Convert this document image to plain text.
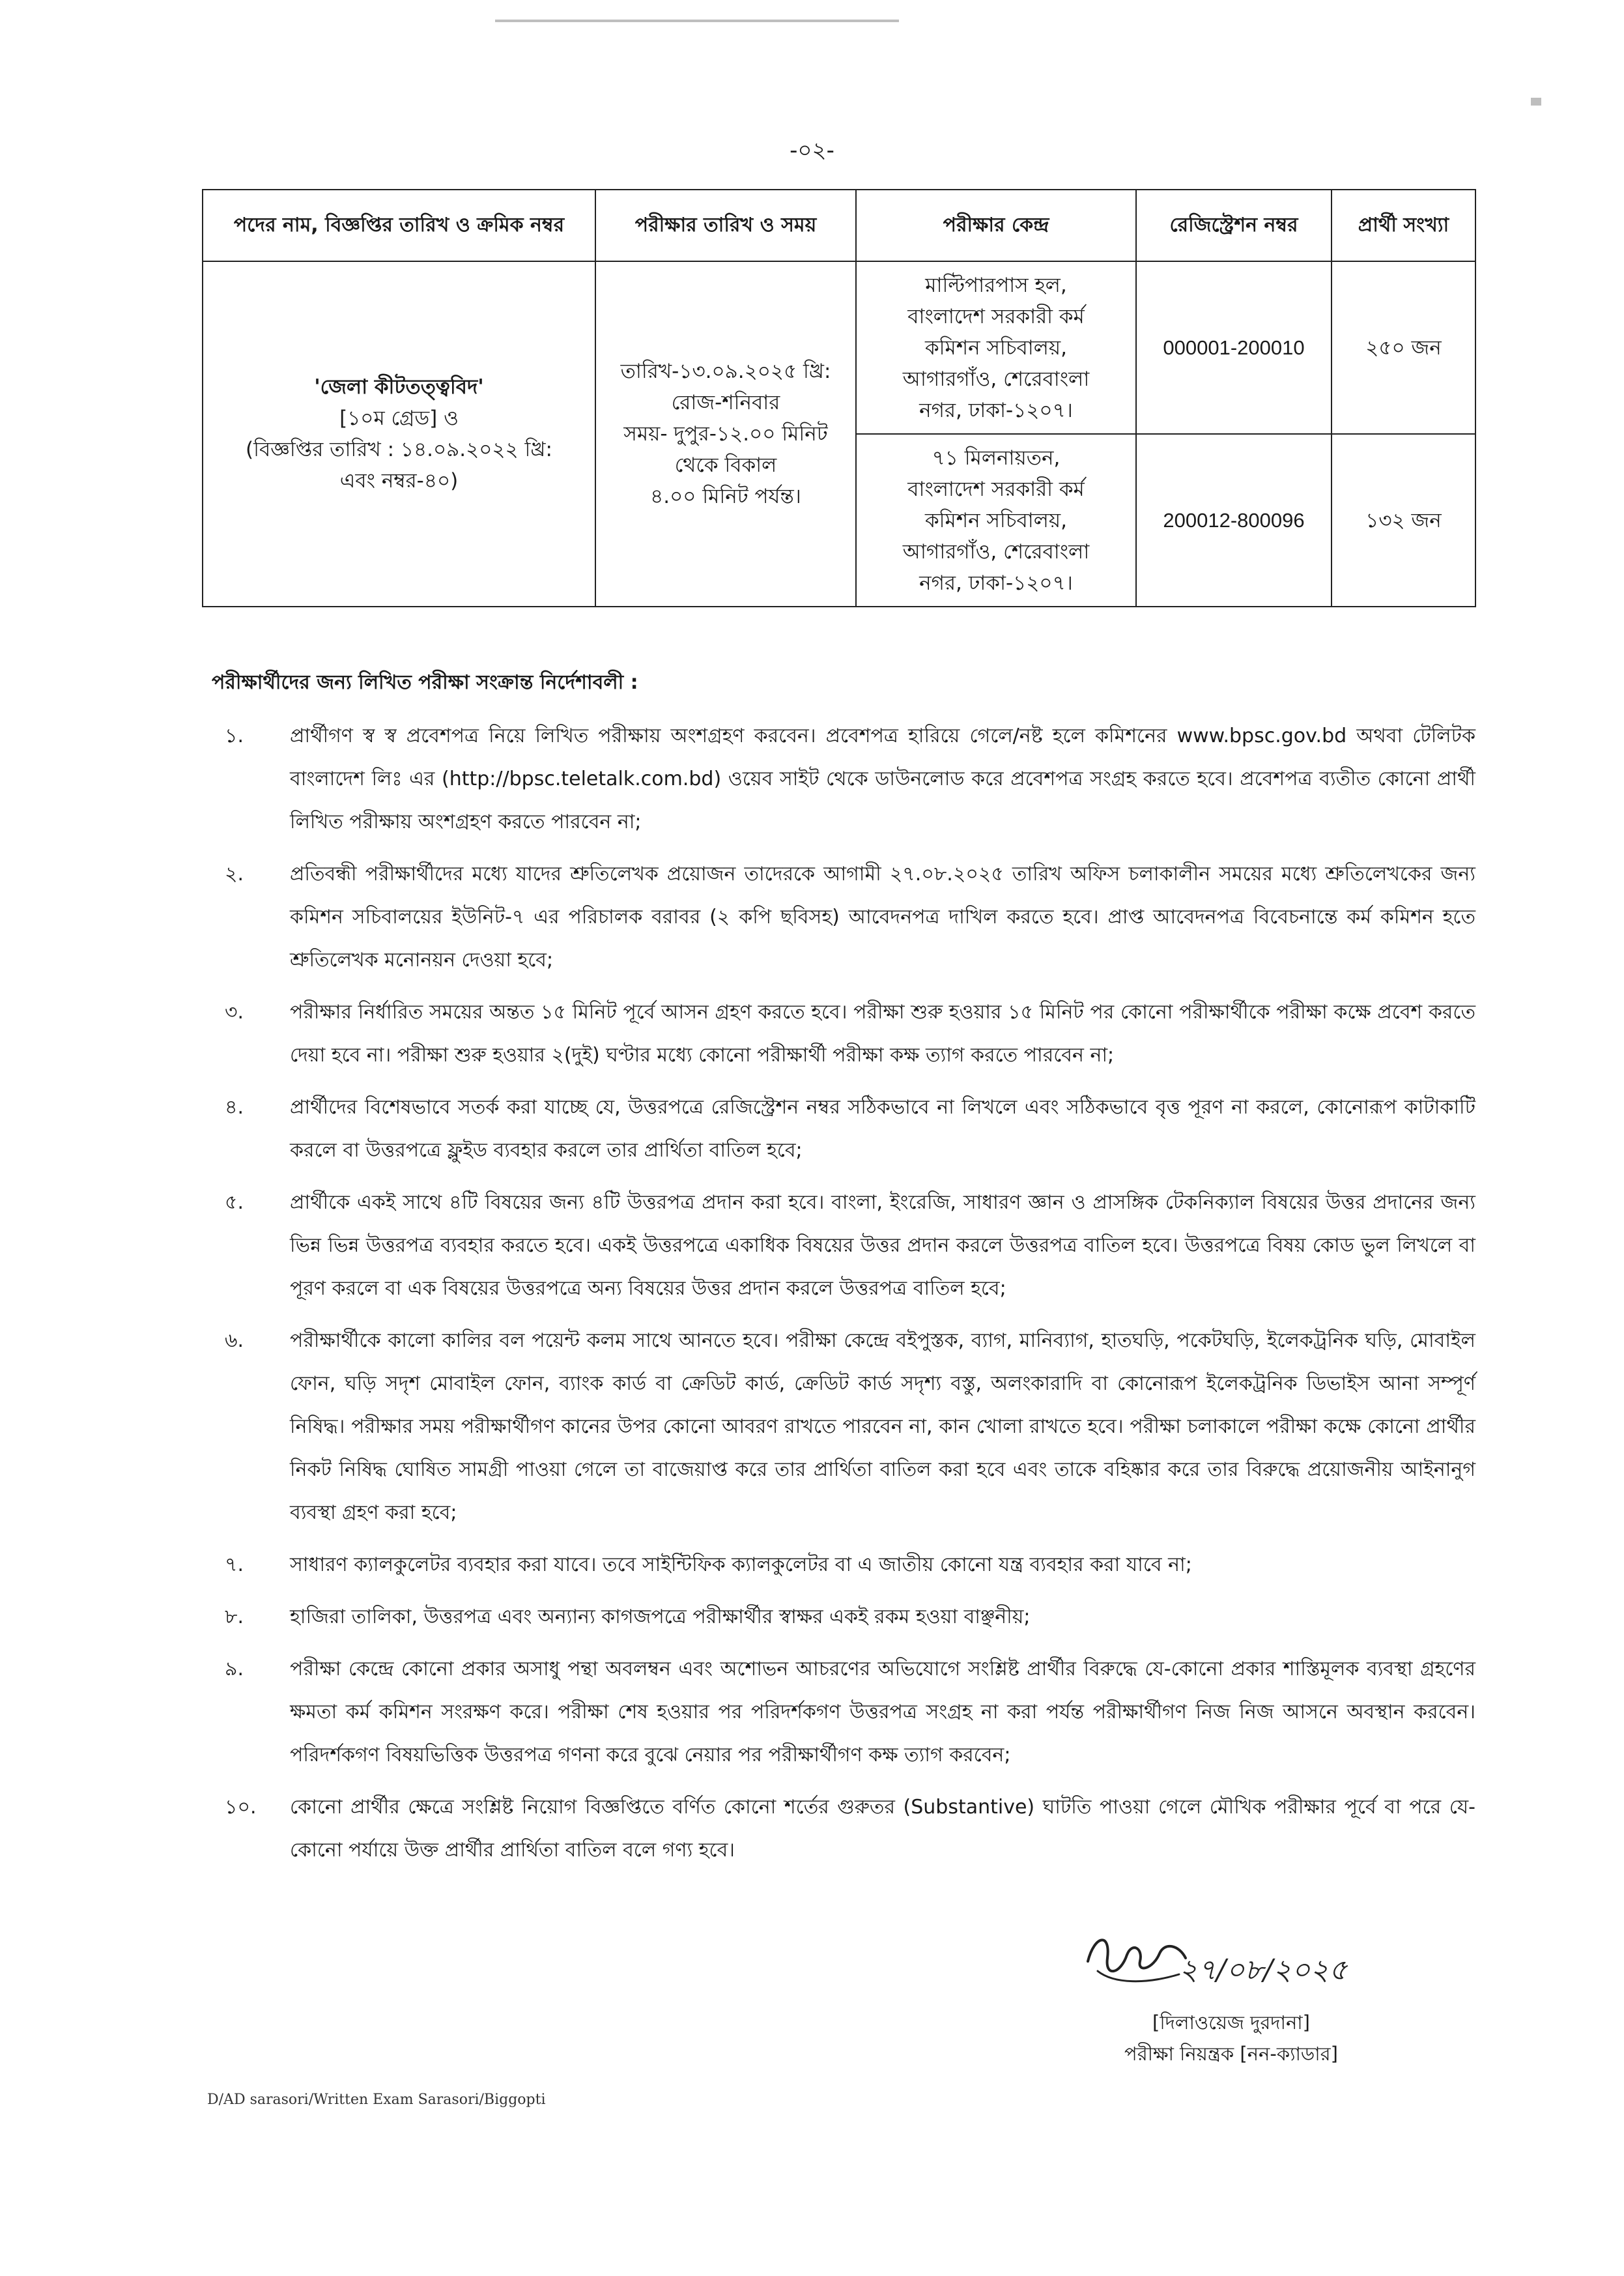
-০২-
পদের নাম, বিজ্ঞপ্তির তারিখ ও ক্রমিক নম্বর	পরীক্ষার তারিখ ও সময়	পরীক্ষার কেন্দ্র	রেজিস্ট্রেশন নম্বর	প্রার্থী সংখ্যা

'জেলা কীটতত্ত্ববিদ'
[১০ম গ্রেড] ও
(বিজ্ঞপ্তির তারিখ : ১৪.০৯.২০২২ খ্রি:
এবং নম্বর-৪০)	তারিখ-১৩.০৯.২০২৫ খ্রি:
রোজ-শনিবার
সময়- দুপুর-১২.০০ মিনিট
থেকে বিকাল
৪.০০ মিনিট পর্যন্ত।	মাল্টিপারপাস হল,
বাংলাদেশ সরকারী কর্ম
কমিশন সচিবালয়,
আগারগাঁও, শেরেবাংলা
নগর, ঢাকা-১২০৭।	000001-200010	২৫০ জন

		৭১ মিলনায়তন,
বাংলাদেশ সরকারী কর্ম
কমিশন সচিবালয়,
আগারগাঁও, শেরেবাংলা
নগর, ঢাকা-১২০৭।	200012-800096	১৩২ জন
পরীক্ষার্থীদের জন্য লিখিত পরীক্ষা সংক্রান্ত নির্দেশাবলী :
১.	প্রার্থীগণ স্ব স্ব প্রবেশপত্র নিয়ে লিখিত পরীক্ষায় অংশগ্রহণ করবেন। প্রবেশপত্র হারিয়ে গেলে/নষ্ট হলে কমিশনের www.bpsc.gov.bd অথবা টেলিটক বাংলাদেশ লিঃ এর (http://bpsc.teletalk.com.bd) ওয়েব সাইট থেকে ডাউনলোড করে প্রবেশপত্র সংগ্রহ করতে হবে। প্রবেশপত্র ব্যতীত কোনো প্রার্থী লিখিত পরীক্ষায় অংশগ্রহণ করতে পারবেন না;
২.	প্রতিবন্ধী পরীক্ষার্থীদের মধ্যে যাদের শ্রুতিলেখক প্রয়োজন তাদেরকে আগামী ২৭.০৮.২০২৫ তারিখ অফিস চলাকালীন সময়ের মধ্যে শ্রুতিলেখকের জন্য কমিশন সচিবালয়ের ইউনিট-৭ এর পরিচালক বরাবর (২ কপি ছবিসহ) আবেদনপত্র দাখিল করতে হবে। প্রাপ্ত আবেদনপত্র বিবেচনান্তে কর্ম কমিশন হতে শ্রুতিলেখক মনোনয়ন দেওয়া হবে;
৩.	পরীক্ষার নির্ধারিত সময়ের অন্তত ১৫ মিনিট পূর্বে আসন গ্রহণ করতে হবে। পরীক্ষা শুরু হওয়ার ১৫ মিনিট পর কোনো পরীক্ষার্থীকে পরীক্ষা কক্ষে প্রবেশ করতে দেয়া হবে না। পরীক্ষা শুরু হওয়ার ২(দুই) ঘণ্টার মধ্যে কোনো পরীক্ষার্থী পরীক্ষা কক্ষ ত্যাগ করতে পারবেন না;
৪.	প্রার্থীদের বিশেষভাবে সতর্ক করা যাচ্ছে যে, উত্তরপত্রে রেজিস্ট্রেশন নম্বর সঠিকভাবে না লিখলে এবং সঠিকভাবে বৃত্ত পূরণ না করলে, কোনোরূপ কাটাকাটি করলে বা উত্তরপত্রে ফ্লুইড ব্যবহার করলে তার প্রার্থিতা বাতিল হবে;
৫.	প্রার্থীকে একই সাথে ৪টি বিষয়ের জন্য ৪টি উত্তরপত্র প্রদান করা হবে। বাংলা, ইংরেজি, সাধারণ জ্ঞান ও প্রাসঙ্গিক টেকনিক্যাল বিষয়ের উত্তর প্রদানের জন্য ভিন্ন ভিন্ন উত্তরপত্র ব্যবহার করতে হবে। একই উত্তরপত্রে একাধিক বিষয়ের উত্তর প্রদান করলে উত্তরপত্র বাতিল হবে। উত্তরপত্রে বিষয় কোড ভুল লিখলে বা পূরণ করলে বা এক বিষয়ের উত্তরপত্রে অন্য বিষয়ের উত্তর প্রদান করলে উত্তরপত্র বাতিল হবে;
৬.	পরীক্ষার্থীকে কালো কালির বল পয়েন্ট কলম সাথে আনতে হবে। পরীক্ষা কেন্দ্রে বইপুস্তক, ব্যাগ, মানিব্যাগ, হাতঘড়ি, পকেটঘড়ি, ইলেকট্রনিক ঘড়ি, মোবাইল ফোন, ঘড়ি সদৃশ মোবাইল ফোন, ব্যাংক কার্ড বা ক্রেডিট কার্ড, ক্রেডিট কার্ড সদৃশ্য বস্তু, অলংকারাদি বা কোনোরূপ ইলেকট্রনিক ডিভাইস আনা সম্পূর্ণ নিষিদ্ধ। পরীক্ষার সময় পরীক্ষার্থীগণ কানের উপর কোনো আবরণ রাখতে পারবেন না, কান খোলা রাখতে হবে। পরীক্ষা চলাকালে পরীক্ষা কক্ষে কোনো প্রার্থীর নিকট নিষিদ্ধ ঘোষিত সামগ্রী পাওয়া গেলে তা বাজেয়াপ্ত করে তার প্রার্থিতা বাতিল করা হবে এবং তাকে বহিষ্কার করে তার বিরুদ্ধে প্রয়োজনীয় আইনানুগ ব্যবস্থা গ্রহণ করা হবে;
৭.	সাধারণ ক্যালকুলেটর ব্যবহার করা যাবে। তবে সাইন্টিফিক ক্যালকুলেটর বা এ জাতীয় কোনো যন্ত্র ব্যবহার করা যাবে না;
৮.	হাজিরা তালিকা, উত্তরপত্র এবং অন্যান্য কাগজপত্রে পরীক্ষার্থীর স্বাক্ষর একই রকম হওয়া বাঞ্ছনীয়;
৯.	পরীক্ষা কেন্দ্রে কোনো প্রকার অসাধু পন্থা অবলম্বন এবং অশোভন আচরণের অভিযোগে সংশ্লিষ্ট প্রার্থীর বিরুদ্ধে যে-কোনো প্রকার শাস্তিমূলক ব্যবস্থা গ্রহণের ক্ষমতা কর্ম কমিশন সংরক্ষণ করে। পরীক্ষা শেষ হওয়ার পর পরিদর্শকগণ উত্তরপত্র সংগ্রহ না করা পর্যন্ত পরীক্ষার্থীগণ নিজ নিজ আসনে অবস্থান করবেন। পরিদর্শকগণ বিষয়ভিত্তিক উত্তরপত্র গণনা করে বুঝে নেয়ার পর পরীক্ষার্থীগণ কক্ষ ত্যাগ করবেন;
১০.	কোনো প্রার্থীর ক্ষেত্রে সংশ্লিষ্ট নিয়োগ বিজ্ঞপ্তিতে বর্ণিত কোনো শর্তের গুরুতর (Substantive) ঘাটতি পাওয়া গেলে মৌখিক পরীক্ষার পূর্বে বা পরে যে-কোনো পর্যায়ে উক্ত প্রার্থীর প্রার্থিতা বাতিল বলে গণ্য হবে।
২৭/০৮/২০২৫
[দিলাওয়েজ দুরদানা]
পরীক্ষা নিয়ন্ত্রক [নন-ক্যাডার]
D/AD sarasori/Written Exam Sarasori/Biggopti
